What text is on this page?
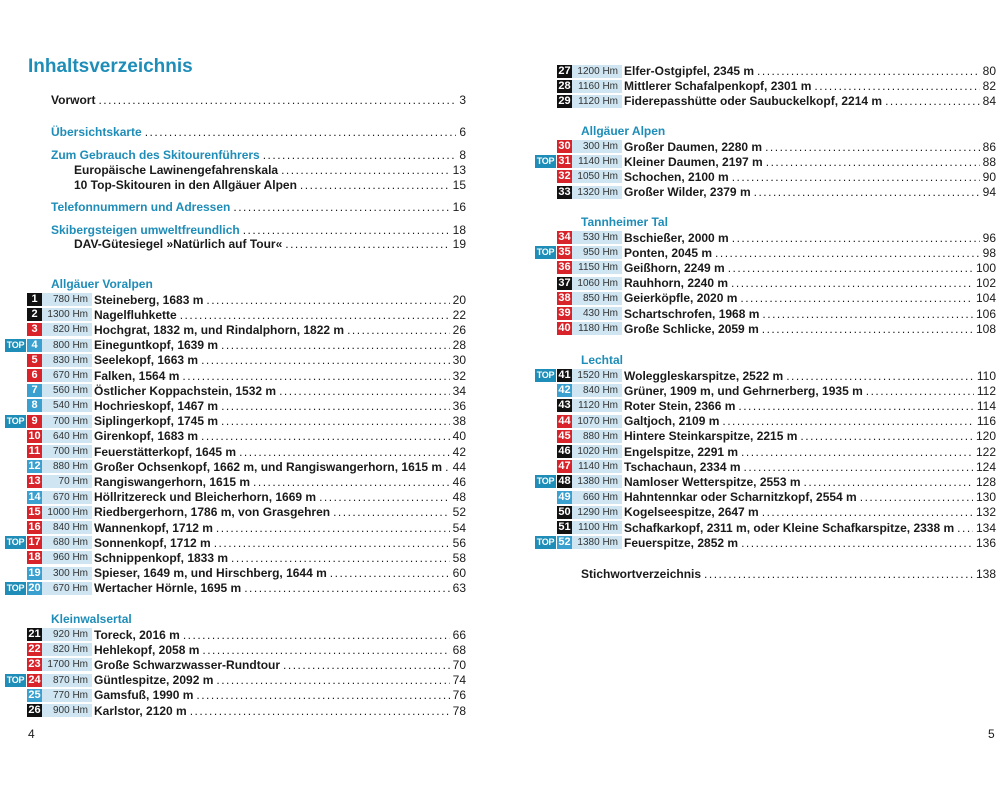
Inhaltsverzeichnis
Vorwort .....	3
Übersichtskarte .....	6
Zum Gebrauch des Skitourenführers .....	8
Europäische Lawinengefahrenskala .....	13
10 Top-Skitouren in den Allgäuer Alpen .....	15
Telefonnummern und Adressen .....	16
Skibergsteigen umweltfreundlich .....	18
DAV-Gütesiegel »Natürlich auf Tour« .....	19
Allgäuer Voralpen
1	780 Hm Steineberg, 1683 m .....	20
2 1300 Hm Nagelfluhkette .....	22
3	820 Hm Hochgrat, 1832 m, und Rindalphorn, 1822 m .....	26
TOP 4	800 Hm Eineguntkopf, 1639 m .....	28
5	830 Hm Seelekopf, 1663 m .....	30
6	670 Hm Falken, 1564 m .....	32
7	560 Hm Östlicher Koppachstein, 1532 m .....	34
8	540 Hm Hochrieskopf, 1467 m .....	36
TOP 9	700 Hm Siplingerkopf, 1745 m .....	38
10	640 Hm Girenkopf, 1683 m .....	40
11	700 Hm Feuerstätterkopf, 1645 m .....	42
12	880 Hm Großer Ochsenkopf, 1662 m, und Rangiswangerhorn, 1615 m ..... 44
13	70 Hm Rangiswangerhorn, 1615 m .....	46
14	670 Hm Höllritzereck und Bleicherhorn, 1669 m .....	48
15 1000 Hm Riedbergerhorn, 1786 m, von Grasgehren .....	52
16	840 Hm Wannenkopf, 1712 m .....	54
TOP 17	680 Hm Sonnenkopf, 1712 m .....	56
18	960 Hm Schnippenkopf, 1833 m .....	58
19	300 Hm Spieser, 1649 m, und Hirschberg, 1644 m .....	60
TOP 20	670 Hm Wertacher Hörnle, 1695 m .....	63
Kleinwalsertal
21	920 Hm Toreck, 2016 m .....	66
22	820 Hm Hehlekopf, 2058 m .....	68
23 1700 Hm Große Schwarzwasser-Rundtour .....	70
TOP 24	870 Hm Güntlespitze, 2092 m .....	74
25	770 Hm Gamsfuß, 1990 m .....	76
26	900 Hm Karlstor, 2120 m .....	78
4
27 1200 Hm Elfer-Ostgipfel, 2345 m .....	80
28 1160 Hm Mittlerer Schafalpenkopf, 2301 m .....	82
29 1120 Hm Fiderepasshütte oder Saubuckelkopf, 2214 m .....	84
Allgäuer Alpen
30	300 Hm Großer Daumen, 2280 m .....	86
TOP 31 1140 Hm Kleiner Daumen, 2197 m .....	88
32 1050 Hm Schochen, 2100 m .....	90
33 1320 Hm Großer Wilder, 2379 m .....	94
Tannheimer Tal
34	530 Hm Bschießer, 2000 m .....	96
TOP 35	950 Hm Ponten, 2045 m .....	98
36 1150 Hm Geißhorn, 2249 m .....	100
37 1060 Hm Rauhhorn, 2240 m .....	102
38	850 Hm Geierköpfle, 2020 m .....	104
39	430 Hm Schartschrofen, 1968 m .....	106
40 1180 Hm Große Schlicke, 2059 m .....	108
Lechtal
TOP 41 1520 Hm Woleggleskarspitze, 2522 m .....	110
42	840 Hm Grüner, 1909 m, und Gehrnerberg, 1935 m .....	112
43 1120 Hm Roter Stein, 2366 m .....	114
44 1070 Hm Galtjoch, 2109 m .....	116
45	880 Hm Hintere Steinkarspitze, 2215 m .....	120
46 1020 Hm Engelspitze, 2291 m .....	122
47 1140 Hm Tschachaun, 2334 m .....	124
TOP 48 1380 Hm Namloser Wetterspitze, 2553 m .....	128
49	660 Hm Hahntennkar oder Scharnitzkopf, 2554 m .....	130
50 1290 Hm Kogelseespitze, 2647 m .....	132
51 1100 Hm Schafkarkopf, 2311 m, oder Kleine Schafkarspitze, 2338 m ..... 134
TOP 52 1380 Hm Feuerspitze, 2852 m .....	136
Stichwortverzeichnis .....	138
5
